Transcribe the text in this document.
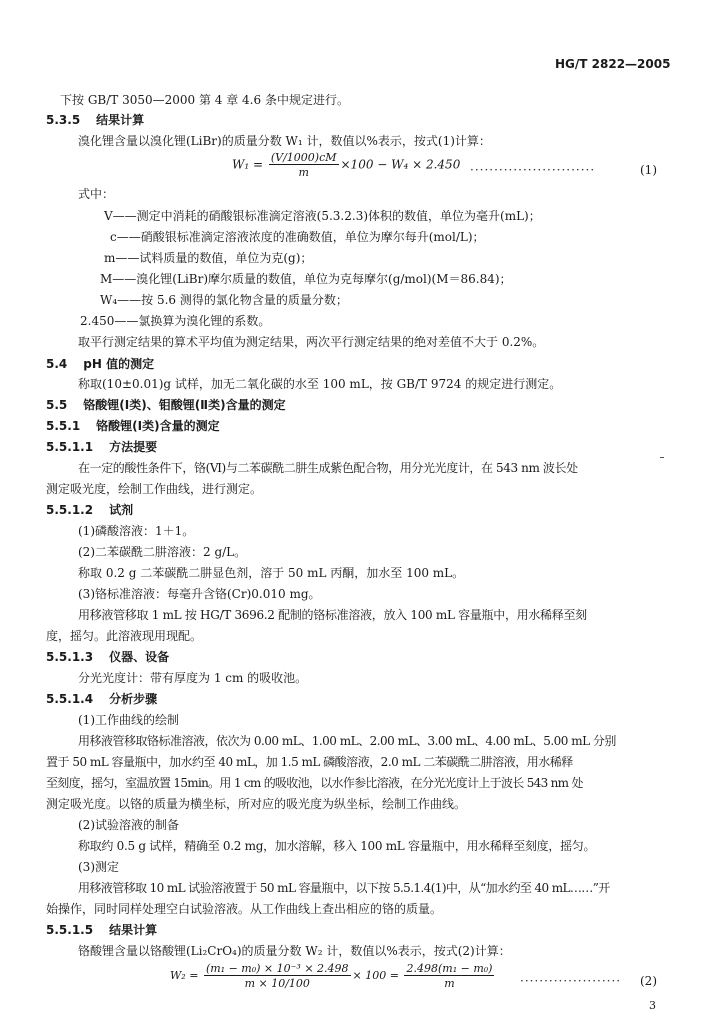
HG/T 2822—2005
下按 GB/T 3050—2000 第 4 章 4.6 条中规定进行。
5.3.5 结果计算
溴化锂含量以溴化锂(LiBr)的质量分数 W₁ 计，数值以%表示，按式(1)计算：
$W_1 = \frac{(V/1000)cM}{m} \times 100 - W_4 \times 2.450$ ··························	(1)
式中：
V——测定中消耗的硝酸银标准滴定溶液(5.3.2.3)体积的数值，单位为毫升(mL)；
c——硝酸银标准滴定溶液浓度的准确数值，单位为摩尔每升(mol/L)；
m——试料质量的数值，单位为克(g)；
M——溴化锂(LiBr)摩尔质量的数值，单位为克每摩尔(g/mol)(M＝86.84)；
W₄——按 5.6 测得的氯化物含量的质量分数；
2.450——氯换算为溴化锂的系数。
取平行测定结果的算术平均值为测定结果，两次平行测定结果的绝对差值不大于 0.2%。
5.4 pH 值的测定
称取(10±0.01)g 试样，加无二氧化碳的水至 100 mL，按 GB/T 9724 的规定进行测定。
5.5 铬酸锂(Ⅰ类)、钼酸锂(Ⅱ类)含量的测定
5.5.1 铬酸锂(Ⅰ类)含量的测定
5.5.1.1 方法提要
在一定的酸性条件下，铬(Ⅵ)与二苯碳酰二肼生成紫色配合物，用分光光度计，在 543 nm 波长处
测定吸光度，绘制工作曲线，进行测定。
5.5.1.2 试剂
(1)磷酸溶液：1＋1。
(2)二苯碳酰二肼溶液：2 g/L。
称取 0.2 g 二苯碳酰二肼显色剂，溶于 50 mL 丙酮，加水至 100 mL。
(3)铬标准溶液：每毫升含铬(Cr)0.010 mg。
用移液管移取 1 mL 按 HG/T 3696.2 配制的铬标准溶液，放入 100 mL 容量瓶中，用水稀释至刻
度，摇匀。此溶液现用现配。
5.5.1.3 仪器、设备
分光光度计：带有厚度为 1 cm 的吸收池。
5.5.1.4 分析步骤
(1)工作曲线的绘制
用移液管移取铬标准溶液，依次为 0.00 mL、1.00 mL、2.00 mL、3.00 mL、4.00 mL、5.00 mL 分别
置于 50 mL 容量瓶中，加水约至 40 mL，加 1.5 mL 磷酸溶液，2.0 mL 二苯碳酰二肼溶液，用水稀释
至刻度，摇匀，室温放置 15min。用 1 cm 的吸收池，以水作参比溶液，在分光光度计上于波长 543 nm 处
测定吸光度。以铬的质量为横坐标，所对应的吸光度为纵坐标，绘制工作曲线。
(2)试验溶液的制备
称取约 0.5 g 试样，精确至 0.2 mg，加水溶解，移入 100 mL 容量瓶中，用水稀释至刻度，摇匀。
(3)测定
用移液管移取 10 mL 试验溶液置于 50 mL 容量瓶中，以下按 5.5.1.4(1)中，从“加水约至 40 mL……”开
始操作，同时同样处理空白试验溶液。从工作曲线上查出相应的铬的质量。
5.5.1.5 结果计算
铬酸锂含量以铬酸锂(Li₂CrO₄)的质量分数 W₂ 计，数值以%表示，按式(2)计算：
$W_2 = \frac{\text{(m₁ − m₀) × 10⁻³ × 2.498}}{m \times 10/100} \times 100 = \frac{\text{2.498(m₁ − m₀)}}{m}$ ····················· (2)
3
